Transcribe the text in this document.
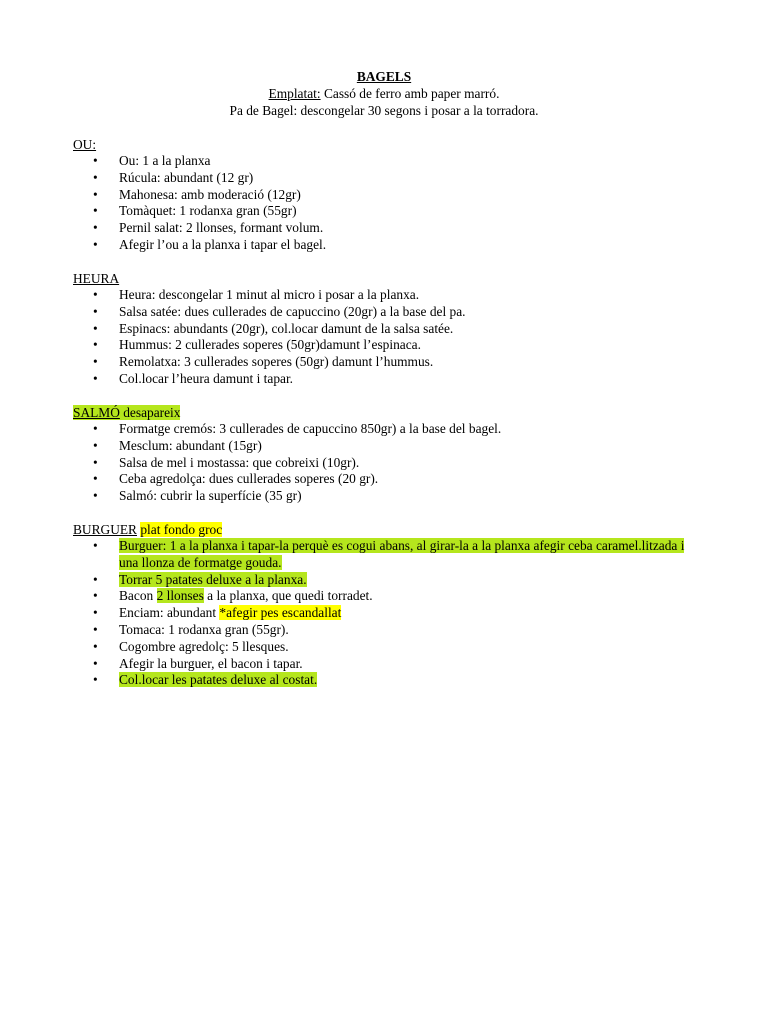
BAGELS
Emplatat: Cassó de ferro amb paper marró.
Pa de Bagel: descongelar 30 segons i posar a la torradora.
OU:
• Ou: 1 a la planxa
• Rúcula: abundant (12 gr)
• Mahonesa: amb moderació (12gr)
• Tomàquet: 1 rodanxa gran (55gr)
• Pernil salat: 2 llonses, formant volum.
• Afegir l’ou a la planxa i tapar el bagel.
HEURA
• Heura: descongelar 1 minut al micro i posar a la planxa.
• Salsa satée: dues cullerades de capuccino (20gr) a la base del pa.
• Espinacs: abundants (20gr), col.locar damunt de la salsa satée.
• Hummus: 2 cullerades soperes (50gr)damunt l’espinaca.
• Remolatxa: 3 cullerades soperes (50gr) damunt l’hummus.
• Col.locar l’heura damunt i tapar.
SALMÓ desapareix
• Formatge cremós: 3 cullerades de capuccino 850gr) a la base del bagel.
• Mesclum: abundant (15gr)
• Salsa de mel i mostassa: que cobreixi (10gr).
• Ceba agredolça: dues cullerades soperes (20 gr).
• Salmó: cubrir la superfície (35 gr)
BURGUER plat fondo groc
• Burguer: 1 a la planxa i tapar-la perquè es cogui abans, al girar-la a la planxa afegir ceba caramel.litzada i una llonza de formatge gouda.
• Torrar 5 patates deluxe a la planxa.
• Bacon 2 llonses a la planxa, que quedi torradet.
• Enciam: abundant *afegir pes escandallat
• Tomaca: 1 rodanxa gran (55gr).
• Cogombre agredolç: 5 llesques.
• Afegir la burguer, el bacon i tapar.
• Col.locar les patates deluxe al costat.
